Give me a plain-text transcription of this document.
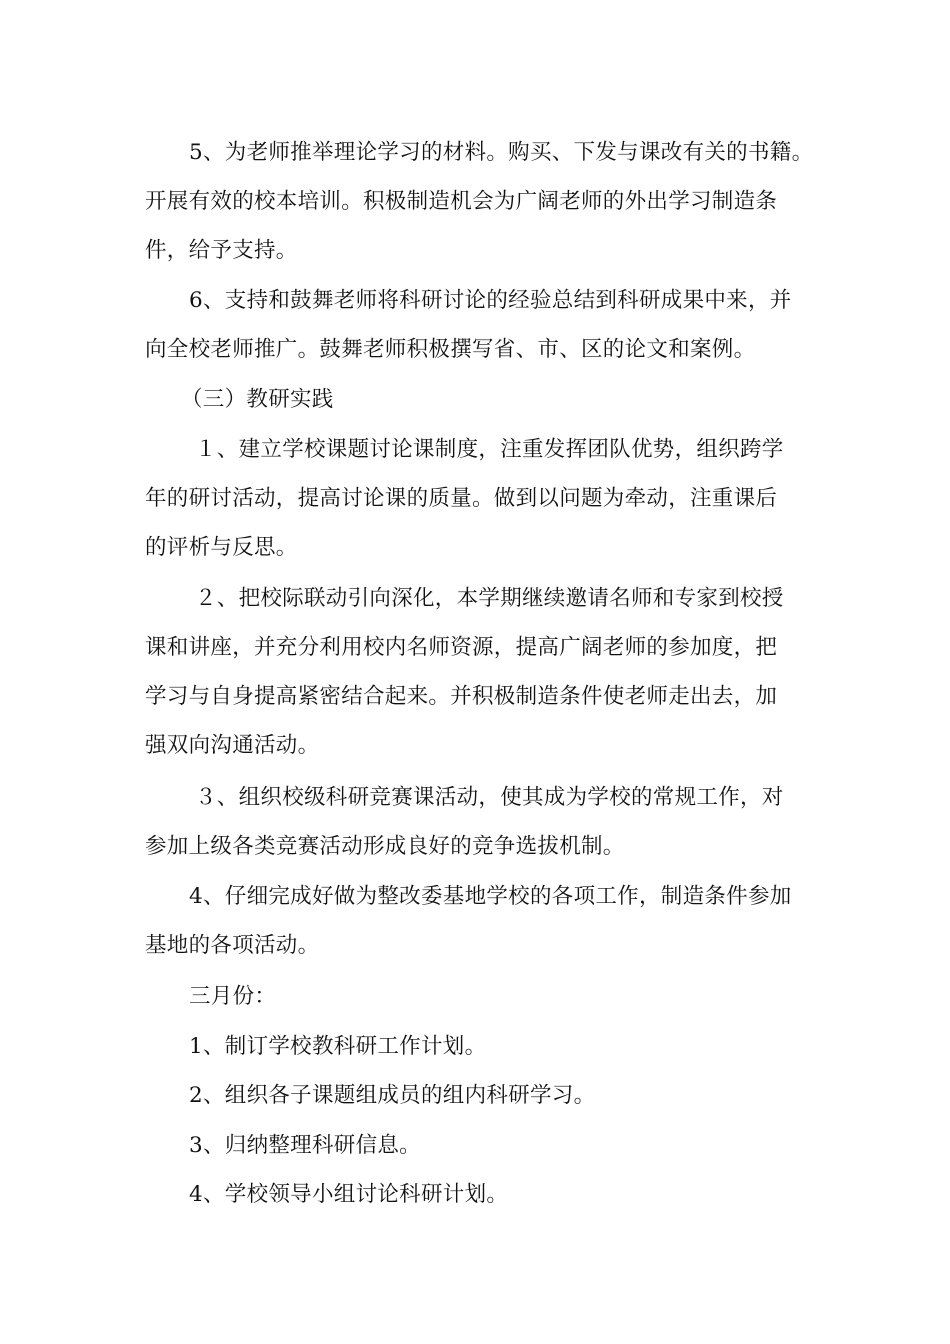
5、为老师推举理论学习的材料。购买、下发与课改有关的书籍。
开展有效的校本培训。积极制造机会为广阔老师的外出学习制造条
件，给予支持。
6、支持和鼓舞老师将科研讨论的经验总结到科研成果中来，并
向全校老师推广。鼓舞老师积极撰写省、市、区的论文和案例。
（三）教研实践
１、建立学校课题讨论课制度，注重发挥团队优势，组织跨学
年的研讨活动，提高讨论课的质量。做到以问题为牵动，注重课后
的评析与反思。
２、把校际联动引向深化，本学期继续邀请名师和专家到校授
课和讲座，并充分利用校内名师资源，提高广阔老师的参加度，把
学习与自身提高紧密结合起来。并积极制造条件使老师走出去，加
强双向沟通活动。
３、组织校级科研竞赛课活动，使其成为学校的常规工作，对
参加上级各类竞赛活动形成良好的竞争选拔机制。
4、仔细完成好做为整改委基地学校的各项工作，制造条件参加
基地的各项活动。
三月份：
1、制订学校教科研工作计划。
2、组织各子课题组成员的组内科研学习。
3、归纳整理科研信息。
4、学校领导小组讨论科研计划。
